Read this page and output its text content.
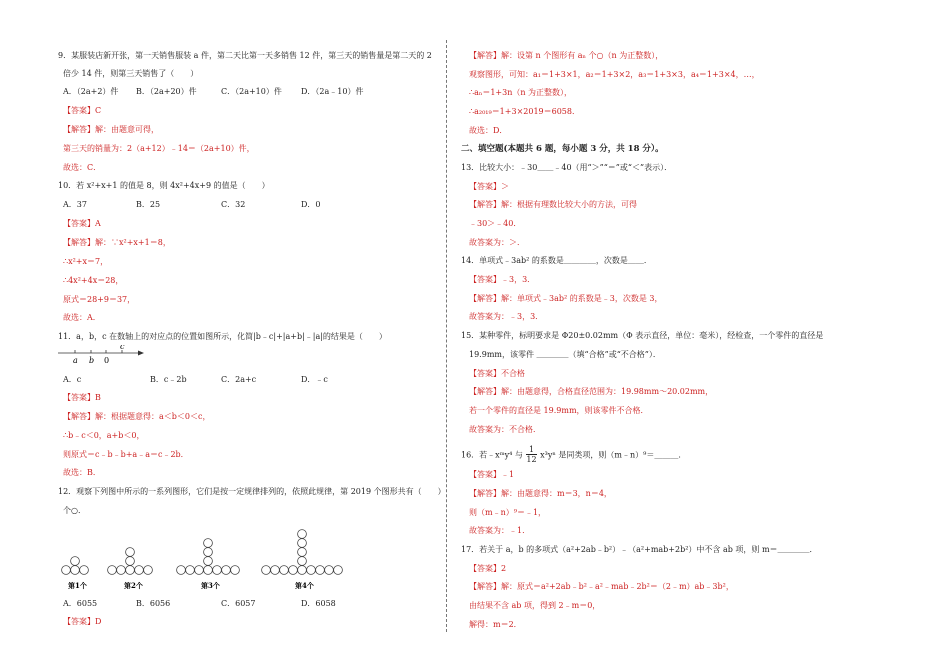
9．某服装店新开张，第一天销售服装 a 件，第二天比第一天多销售 12 件，第三天的销售量是第二天的 2
倍少 14 件，则第三天销售了（　　）
A．（2a+2）件 B．（2a+20）件	C．（2a+10）件 D．（2a﹣10）件
【答案】C
【解答】解：由题意可得，
第三天的销量为：2（a+12）﹣14＝（2a+10）件，
故选：C．
10．若 x²+x+1 的值是 8，则 4x²+4x+9 的值是（　　）
A．37	B．25	C．32	D．0
【答案】A
【解答】解：∵x²+x+1＝8，
∴x²+x＝7，
∴4x²+4x＝28，
原式＝28+9＝37，
故选：A．
11．a，b，c 在数轴上的对应点的位置如图所示，化简|b﹣c|+|a+b|﹣|a|的结果是（　　）
a b 0
c
A．c	B．c﹣2b	C．2a+c	D．﹣c
【答案】B
【解答】解：根据题意得：a＜b＜0＜c，
∴b﹣c＜0，a+b＜0，
则原式＝c﹣b﹣b+a﹣a＝c﹣2b．
故选：B．
12．观察下列图中所示的一系列图形，它们是按一定规律排列的，依照此规律，第 2019 个图形共有（　　）
个○．
第1个	第2个	第3个	第4个
A．6055	B．6056	C．6057	D．6058
【答案】D
【解答】解：设第 n 个图形有 aₙ 个○（n 为正整数），
观察图形，可知：a₁＝1+3×1，a₂＝1+3×2，a₃＝1+3×3，a₄＝1+3×4，…，
∴aₙ＝1+3n（n 为正整数），
∴a₂₀₁₉＝1+3×2019＝6058．
故选：D．
二、填空题(本题共 6 题，每小题 3 分，共 18 分）。
13．比较大小：﹣30＿＿﹣40（用“＞”“＝”或“＜”表示）．
【答案】＞
【解答】解：根据有理数比较大小的方法，可得
﹣30＞﹣40．
故答案为：＞．
14．单项式﹣3ab² 的系数是＿＿＿＿，次数是＿＿．
【答案】﹣3，3．
【解答】解：单项式﹣3ab² 的系数是﹣3，次数是 3，
故答案为：﹣3，3．
15．某种零件，标明要求是 Φ20±0.02mm（Φ 表示直径，单位：毫米），经检查，一个零件的直径是
19.9mm，该零件 ＿＿＿＿（填“合格”或“不合格”）．
【答案】不合格
【解答】解：由题意得，合格直径范围为：19.98mm～20.02mm，
若一个零件的直径是 19.9mm，则该零件不合格．
故答案为：不合格．
16．若﹣xᵐy⁴ 与 $\frac{1}{12} x^3y^n$ 是同类项，则（m﹣n）⁹＝＿＿＿．
【答案】﹣1
【解答】解：由题意得：m＝3，n＝4，
则（m﹣n）⁹＝﹣1，
故答案为：﹣1．
17．若关于 a，b 的多项式（a²+2ab﹣b²）﹣（a²+mab+2b²）中不含 ab 项，则 m＝＿＿＿＿．
【答案】2
【解答】解：原式＝a²+2ab﹣b²﹣a²﹣mab﹣2b²＝（2﹣m）ab﹣3b²，
由结果不含 ab 项，得到 2﹣m＝0，
解得：m＝2．
